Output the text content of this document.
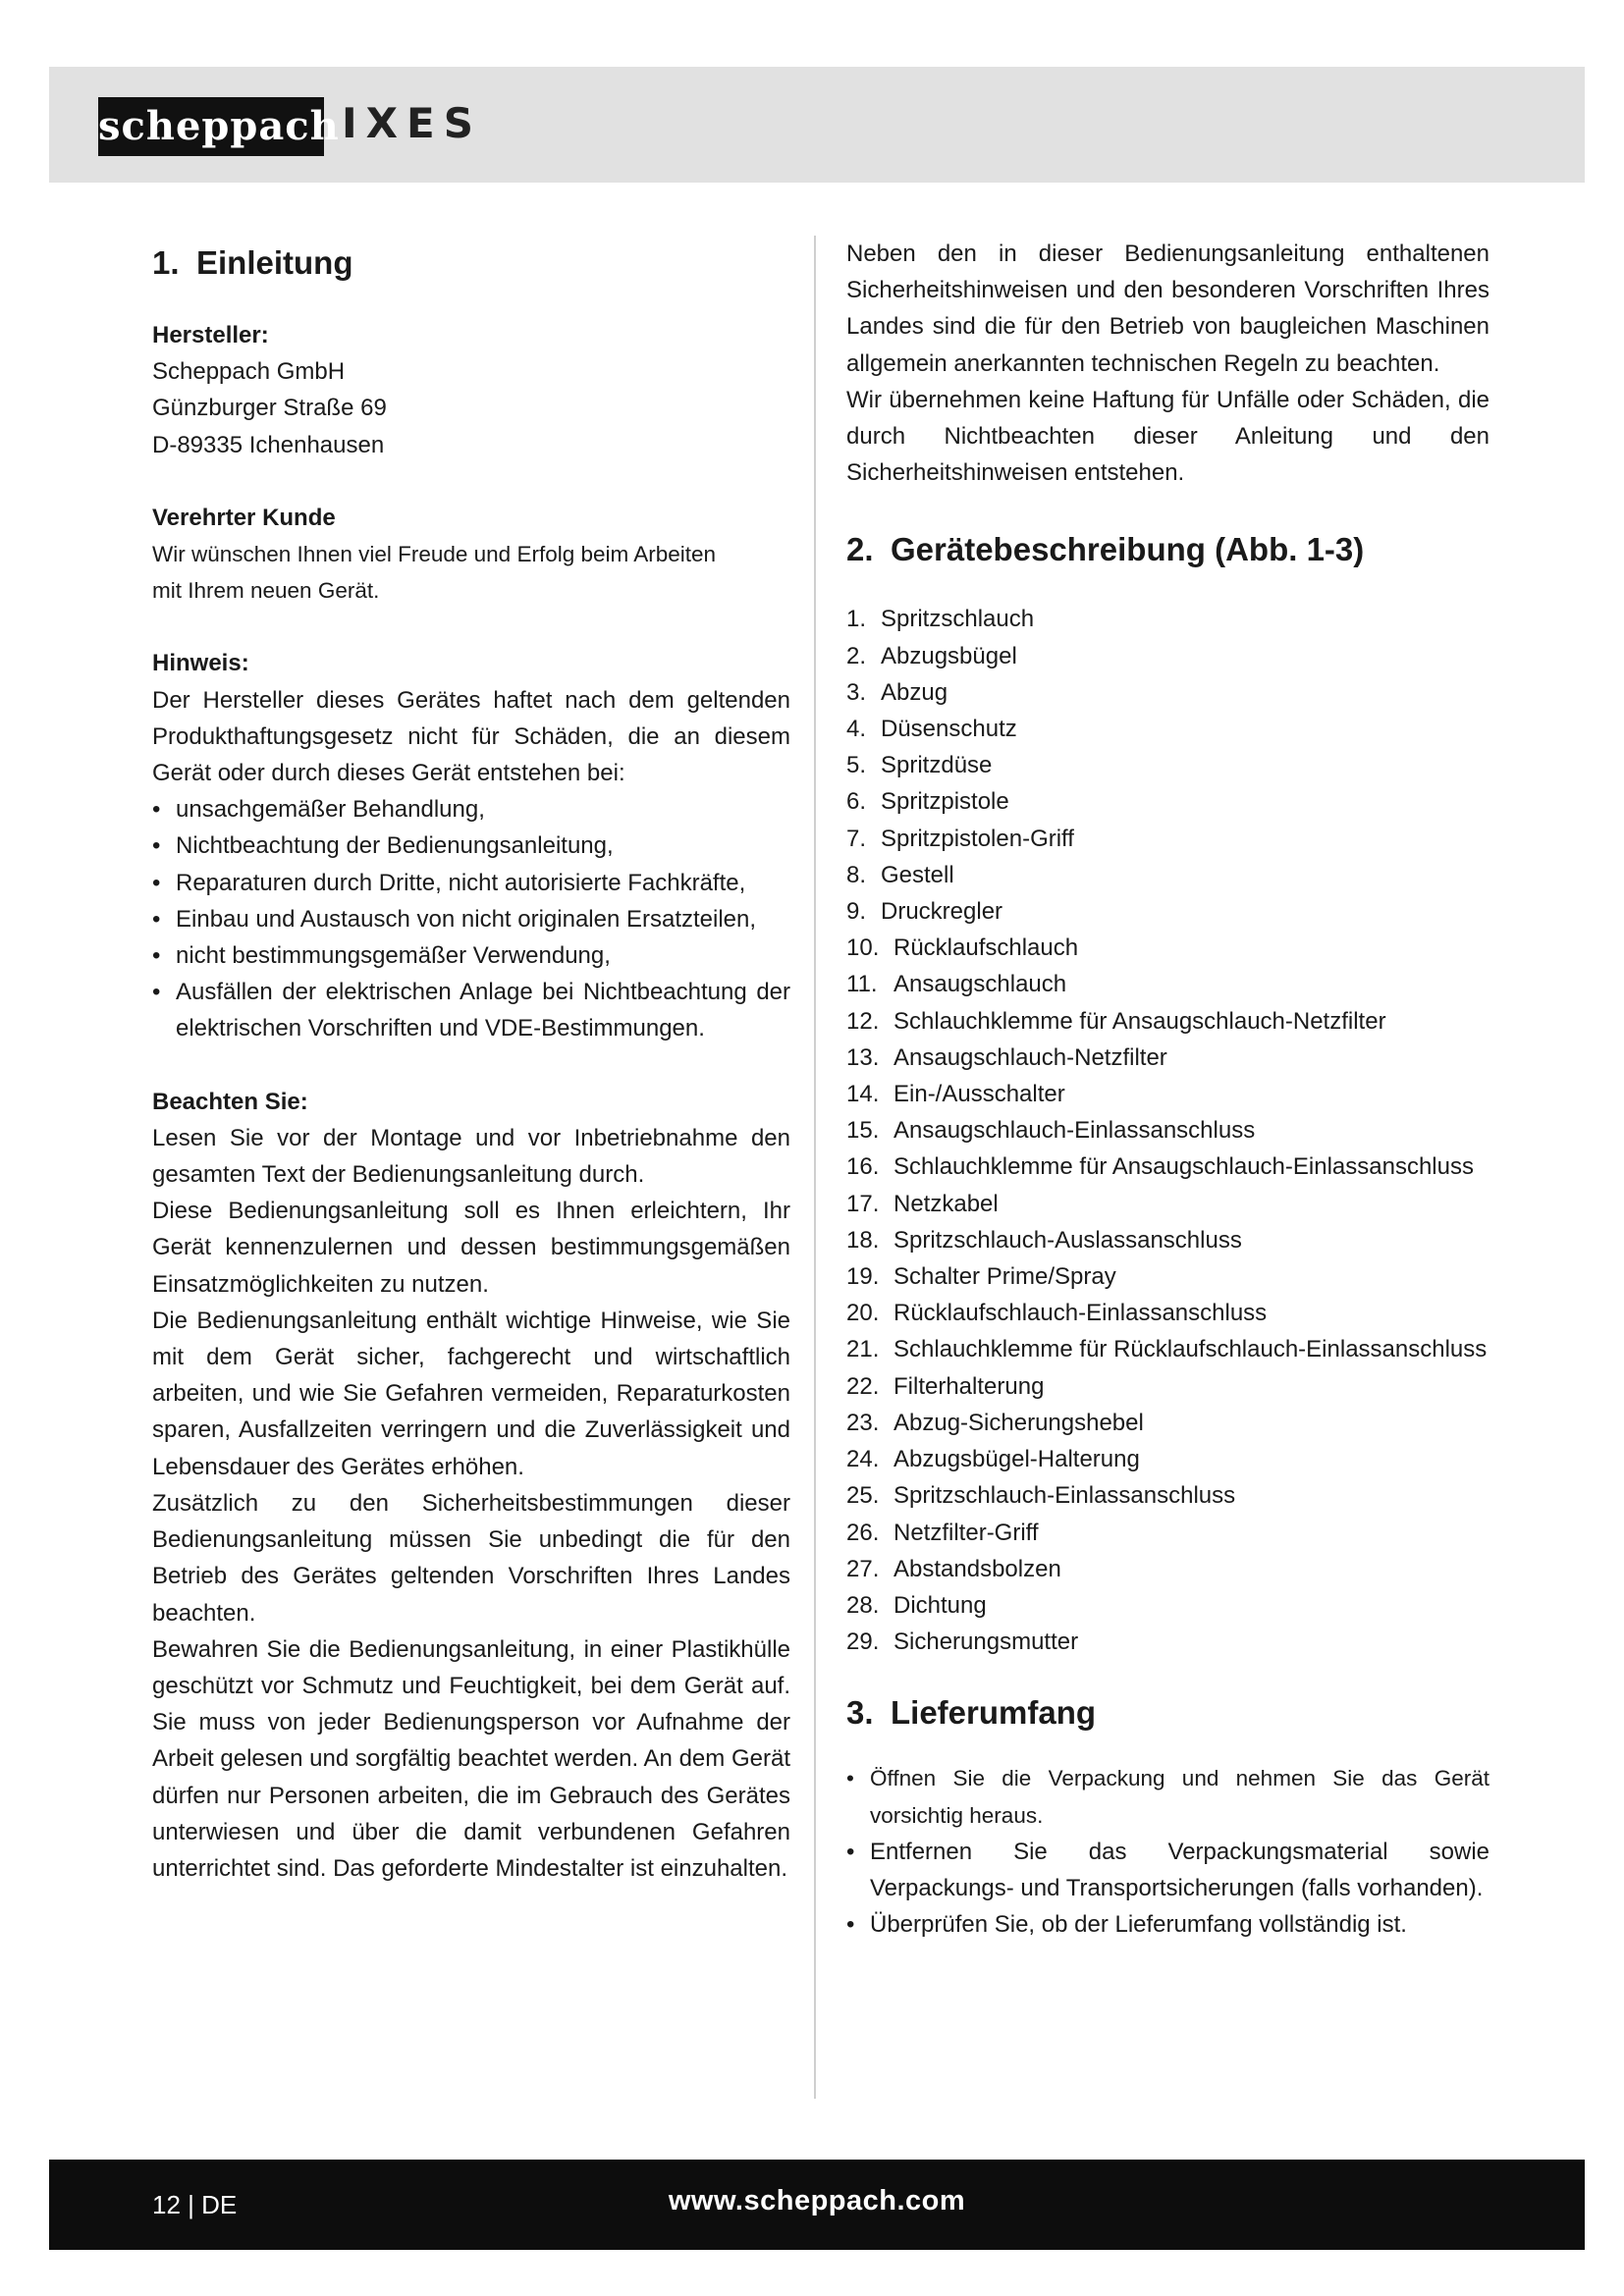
scheppach IXES
1. Einleitung

Hersteller:

Scheppach GmbH

Günzburger Straße 69

D-89335 Ichenhausen

Verehrter Kunde

Wir wünschen Ihnen viel Freude und Erfolg beim Arbeiten mit Ihrem neuen Gerät.

Hinweis:

Der Hersteller dieses Gerätes haftet nach dem geltenden Produkthaftungsgesetz nicht für Schäden, die an diesem Gerät oder durch dieses Gerät entstehen bei:

• unsachgemäßer Behandlung,
• Nichtbeachtung der Bedienungsanleitung,
• Reparaturen durch Dritte, nicht autorisierte Fachkräfte,
• Einbau und Austausch von nicht originalen Ersatzteilen,
• nicht bestimmungsgemäßer Verwendung,
• Ausfällen der elektrischen Anlage bei Nichtbeachtung der elektrischen Vorschriften und VDE-Bestimmungen.

Beachten Sie:

Lesen Sie vor der Montage und vor Inbetriebnahme den gesamten Text der Bedienungsanleitung durch.

Diese Bedienungsanleitung soll es Ihnen erleichtern, Ihr Gerät kennenzulernen und dessen bestimmungsgemäßen Einsatzmöglichkeiten zu nutzen.

Die Bedienungsanleitung enthält wichtige Hinweise, wie Sie mit dem Gerät sicher, fachgerecht und wirtschaftlich arbeiten, und wie Sie Gefahren vermeiden, Reparaturkosten sparen, Ausfallzeiten verringern und die Zuverlässigkeit und Lebensdauer des Gerätes erhöhen.

Zusätzlich zu den Sicherheitsbestimmungen dieser Bedienungsanleitung müssen Sie unbedingt die für den Betrieb des Gerätes geltenden Vorschriften Ihres Landes beachten.

Bewahren Sie die Bedienungsanleitung, in einer Plastikhülle geschützt vor Schmutz und Feuchtigkeit, bei dem Gerät auf. Sie muss von jeder Bedienungsperson vor Aufnahme der Arbeit gelesen und sorgfältig beachtet werden. An dem Gerät dürfen nur Personen arbeiten, die im Gebrauch des Gerätes unterwiesen und über die damit verbundenen Gefahren unterrichtet sind. Das geforderte Mindestalter ist einzuhalten.

Neben den in dieser Bedienungsanleitung enthaltenen Sicherheitshinweisen und den besonderen Vorschriften Ihres Landes sind die für den Betrieb von baugleichen Maschinen allgemein anerkannten technischen Regeln zu beachten.

Wir übernehmen keine Haftung für Unfälle oder Schäden, die durch Nichtbeachten dieser Anleitung und den Sicherheitshinweisen entstehen.

2. Gerätebeschreibung (Abb. 1-3)
1. Spritzschlauch
2. Abzugsbügel
3. Abzug
4. Düsenschutz
5. Spritzdüse
6. Spritzpistole
7. Spritzpistolen-Griff
8. Gestell
9. Druckregler
10. Rücklaufschlauch
11. Ansaugschlauch
12. Schlauchklemme für Ansaugschlauch-Netzfilter
13. Ansaugschlauch-Netzfilter
14. Ein-/Ausschalter
15. Ansaugschlauch-Einlassanschluss
16. Schlauchklemme für Ansaugschlauch-Einlassanschluss
17. Netzkabel
18. Spritzschlauch-Auslassanschluss
19. Schalter Prime/Spray
20. Rücklaufschlauch-Einlassanschluss
21. Schlauchklemme für Rücklaufschlauch-Einlassanschluss
22. Filterhalterung
23. Abzug-Sicherungshebel
24. Abzugsbügel-Halterung
25. Spritzschlauch-Einlassanschluss
26. Netzfilter-Griff
27. Abstandsbolzen
28. Dichtung
29. Sicherungsmutter
3. Lieferumfang
• Öffnen Sie die Verpackung und nehmen Sie das Gerät vorsichtig heraus.
• Entfernen Sie das Verpackungsmaterial sowie Verpackungs- und Transportsicherungen (falls vorhanden).
• Überprüfen Sie, ob der Lieferumfang vollständig ist.
12 | DE	www.scheppach.com
